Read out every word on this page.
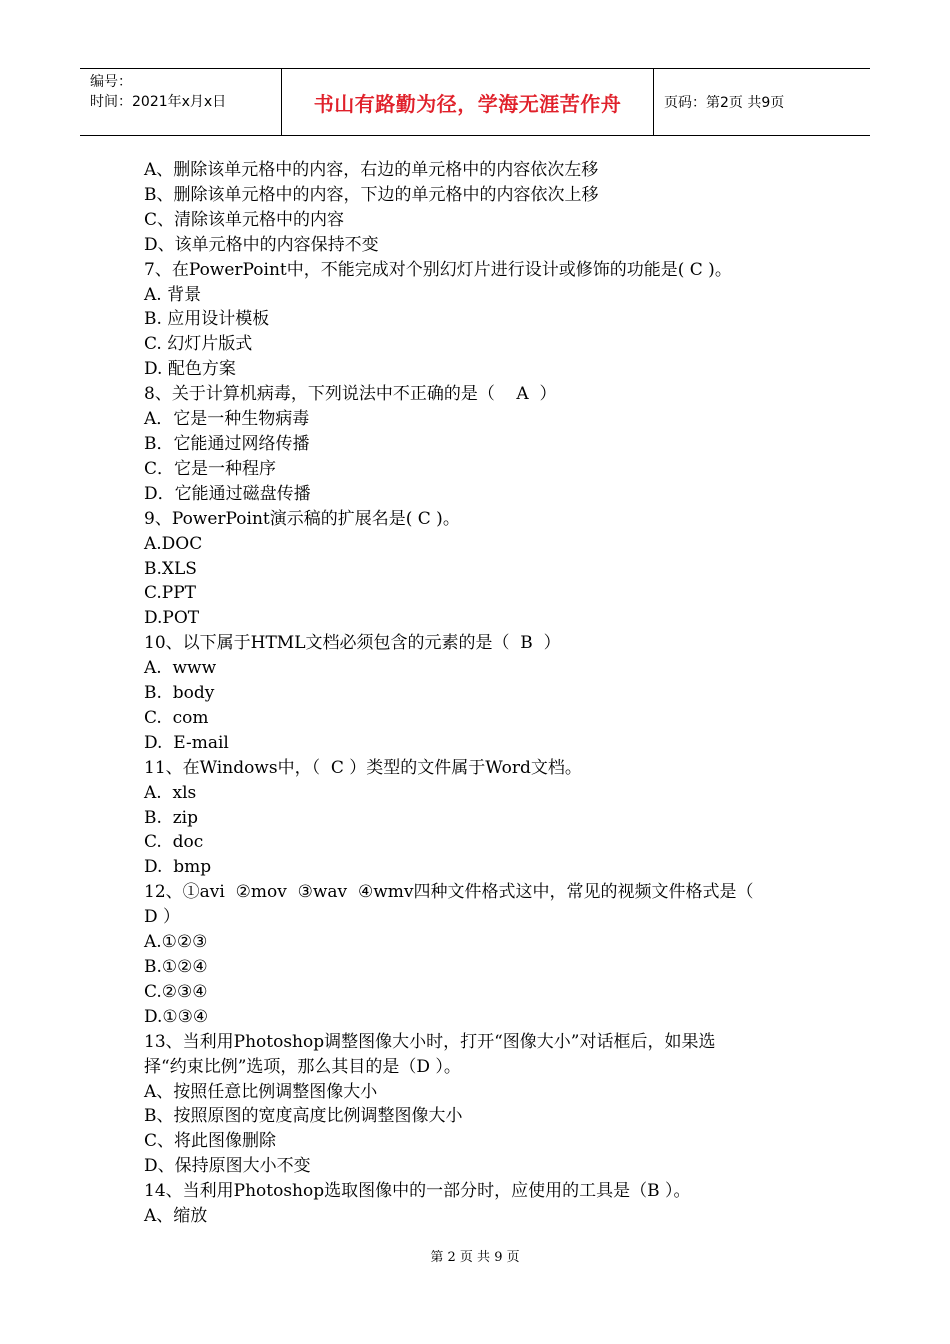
编号：
时间：2021年x月x日	书山有路勤为径，学海无涯苦作舟	页码：第2页 共9页

A、删除该单元格中的内容，右边的单元格中的内容依次左移

B、删除该单元格中的内容，下边的单元格中的内容依次上移

C、清除该单元格中的内容

D、该单元格中的内容保持不变

7、在PowerPoint中，不能完成对个别幻灯片进行设计或修饰的功能是( C )。

A. 背景

B. 应用设计模板

C. 幻灯片版式

D. 配色方案

8、关于计算机病毒，下列说法中不正确的是（    A  ）

A．它是一种生物病毒

B．它能通过网络传播

C．它是一种程序

D．它能通过磁盘传播

9、PowerPoint演示稿的扩展名是( C )。

A.DOC

B.XLS

C.PPT

D.POT

10、以下属于HTML文档必须包含的元素的是（  B  ）

A.  www

B.  body

C.  com

D.  E-mail

11、在Windows中，（  C ）类型的文件属于Word文档。

A.  xls

B.  zip

C.  doc

D.  bmp

12、①avi  ②mov  ③wav  ④wmv四种文件格式这中，常见的视频文件格式是（

D ）

A.①②③

B.①②④

C.②③④

D.①③④

13、当利用Photoshop调整图像大小时，打开“图像大小”对话框后，如果选

择“约束比例”选项，那么其目的是（D ）。

A、按照任意比例调整图像大小

B、按照原图的宽度高度比例调整图像大小

C、将此图像删除

D、保持原图大小不变

14、当利用Photoshop选取图像中的一部分时，应使用的工具是（B ）。

A、缩放

第 2 页 共 9 页
